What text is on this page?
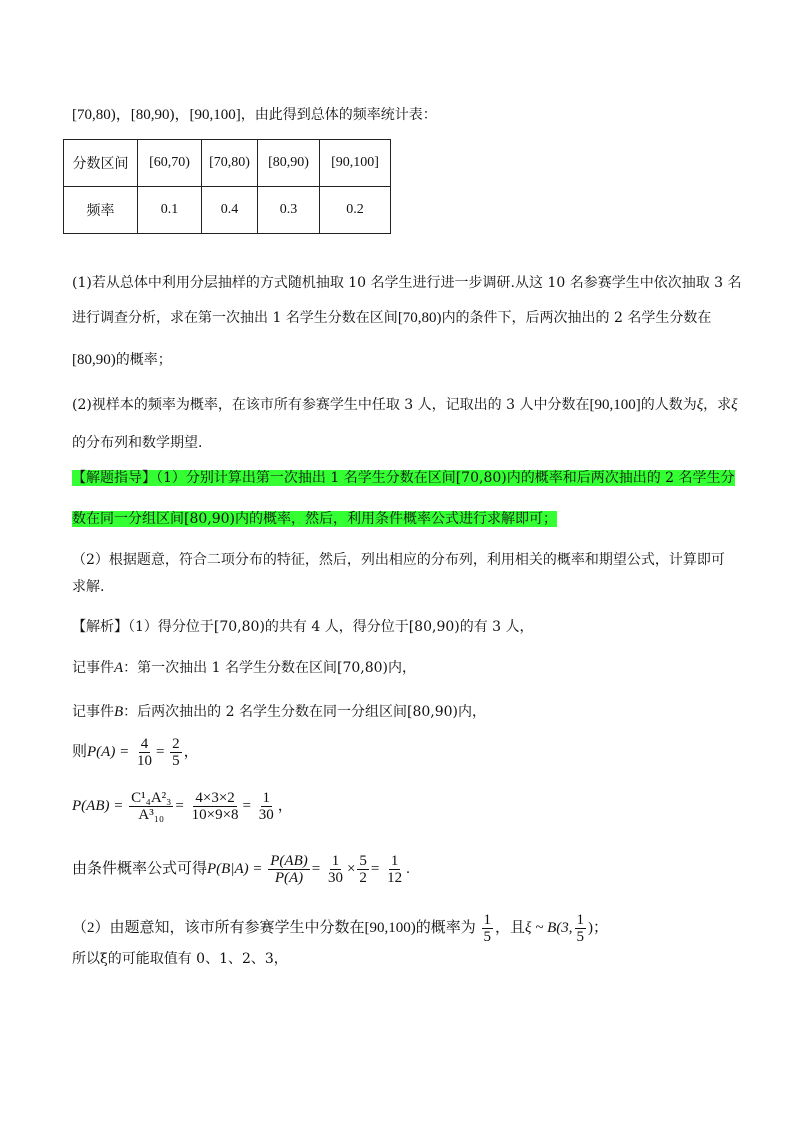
[70,80)，[80,90)，[90,100]，由此得到总体的频率统计表：
分数区间	[60,70)	[70,80)	[80,90)	[90,100]
频率	0.1	0.4	0.3	0.2
(1)若从总体中利用分层抽样的方式随机抽取 10 名学生进行进一步调研.从这 10 名参赛学生中依次抽取 3 名
进行调查分析，求在第一次抽出 1 名学生分数在区间[70,80)内的条件下，后两次抽出的 2 名学生分数在
[80,90)的概率；
(2)视样本的频率为概率，在该市所有参赛学生中任取 3 人，记取出的 3 人中分数在[90,100]的人数为ξ，求ξ
的分布列和数学期望.
【解题指导】（1）分别计算出第一次抽出 1 名学生分数在区间[70,80)内的概率和后两次抽出的 2 名学生分
数在同一分组区间[80,90)内的概率，然后，利用条件概率公式进行求解即可；
（2）根据题意，符合二项分布的特征，然后，列出相应的分布列，利用相关的概率和期望公式，计算即可
求解.
【解析】（1）得分位于[70,80)的共有 4 人，得分位于[80,90)的有 3 人，
记事件A：第一次抽出 1 名学生分数在区间[70,80)内，
记事件B：后两次抽出的 2 名学生分数在同一分组区间[80,90)内，
则$P(A) = \frac{4}{10} = \frac{2}{5}$ ，
$P(AB) = \frac{\text{C¹₄A²₃}}{\text{A³₁₀}} = \frac{4\times 3\times 2}{10\times 9\times 8} = \frac{1}{30}$ ，
由条件概率公式可得$P(B|A) = \frac{P(AB)}{P(A)} = \frac{1}{30} \times \frac{5}{2} = \frac{1}{12}$ .
（2）由题意知，该市所有参赛学生中分数在[90,100)的概率为 $\frac{1}{5}$ ，且ξ ~ B(3, $\frac{1}{5}$ )；
所以ξ的可能取值有 0、1、2、3，
